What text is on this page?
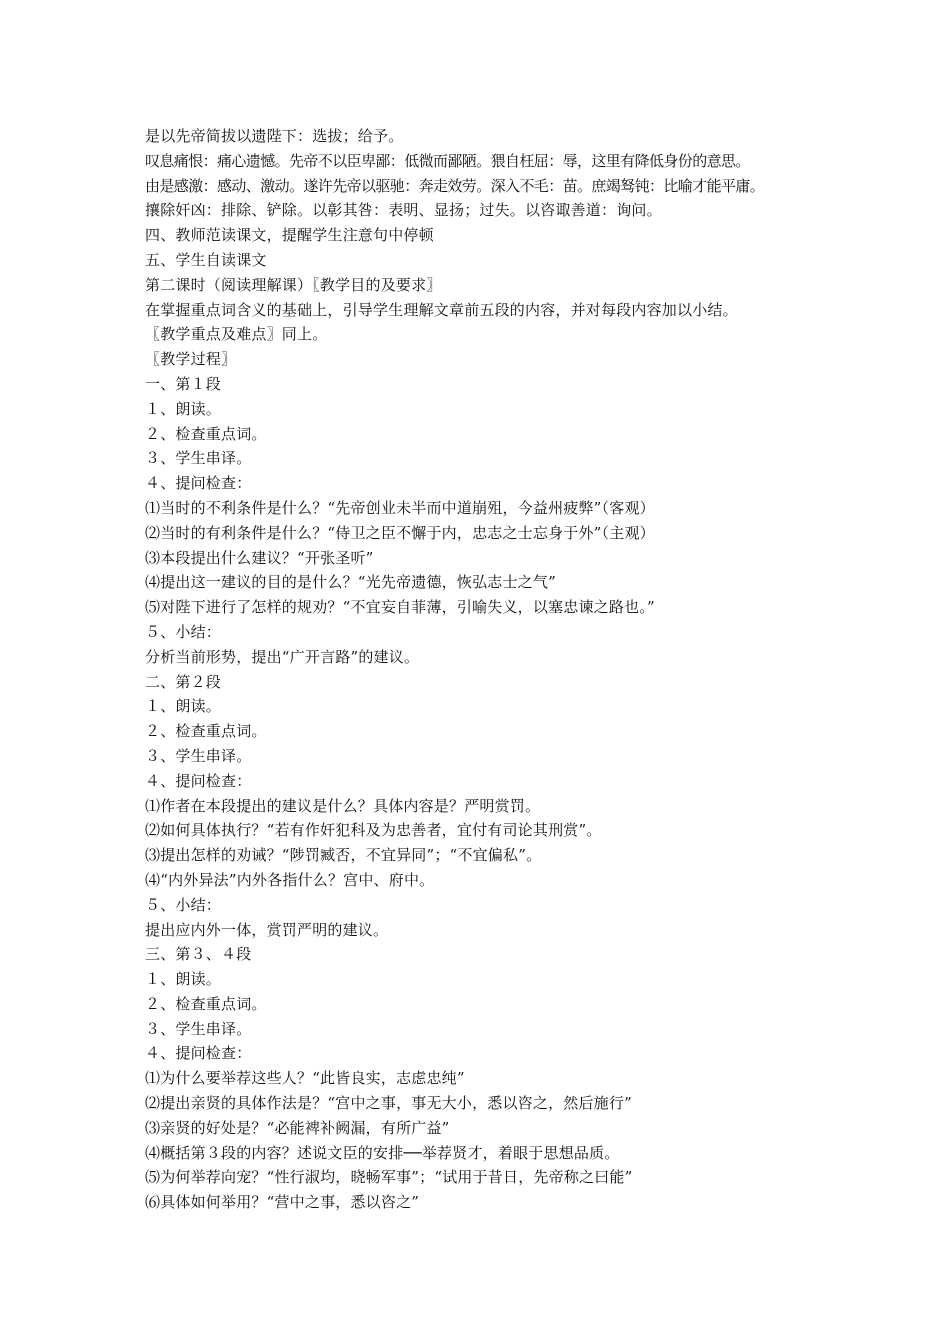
是以先帝简拔以遗陛下：选拔；给予。
叹息痛恨：痛心遗憾。先帝不以臣卑鄙：低微而鄙陋。猥自枉屈：辱，这里有降低身份的意思。
由是感激：感动、激动。遂许先帝以驱驰：奔走效劳。深入不毛：苗。庶竭驽钝：比喻才能平庸。
攘除奸凶：排除、铲除。以彰其咎：表明、显扬；过失。以咨诹善道：询问。
四、教师范读课文，提醒学生注意句中停顿
五、学生自读课文
第二课时（阅读理解课）〖教学目的及要求〗
在掌握重点词含义的基础上，引导学生理解文章前五段的内容，并对每段内容加以小结。
〖教学重点及难点〗同上。
〖教学过程〗
一、第１段
１、朗读。
２、检查重点词。
３、学生串译。
４、提问检查：
⑴当时的不利条件是什么？“先帝创业未半而中道崩殂，今益州疲弊”（客观）
⑵当时的有利条件是什么？“侍卫之臣不懈于内，忠志之士忘身于外”（主观）
⑶本段提出什么建议？“开张圣听”
⑷提出这一建议的目的是什么？“光先帝遗德，恢弘志士之气”
⑸对陛下进行了怎样的规劝？“不宜妄自菲薄，引喻失义，以塞忠谏之路也。”
５、小结：
分析当前形势，提出“广开言路”的建议。
二、第２段
１、朗读。
２、检查重点词。
３、学生串译。
４、提问检查：
⑴作者在本段提出的建议是什么？具体内容是？严明赏罚。
⑵如何具体执行？“若有作奸犯科及为忠善者，宜付有司论其刑赏”。
⑶提出怎样的劝诫？“陟罚臧否，不宜异同”；“不宜偏私”。
⑷“内外异法”内外各指什么？宫中、府中。
５、小结：
提出应内外一体，赏罚严明的建议。
三、第３、４段
１、朗读。
２、检查重点词。
３、学生串译。
４、提问检查：
⑴为什么要举荐这些人？“此皆良实，志虑忠纯”
⑵提出亲贤的具体作法是？“宫中之事，事无大小，悉以咨之，然后施行”
⑶亲贤的好处是？“必能裨补阙漏，有所广益”
⑷概括第３段的内容？述说文臣的安排──举荐贤才，着眼于思想品质。
⑸为何举荐向宠？“性行淑均，晓畅军事”；“试用于昔日，先帝称之曰能”
⑹具体如何举用？“营中之事，悉以咨之”
